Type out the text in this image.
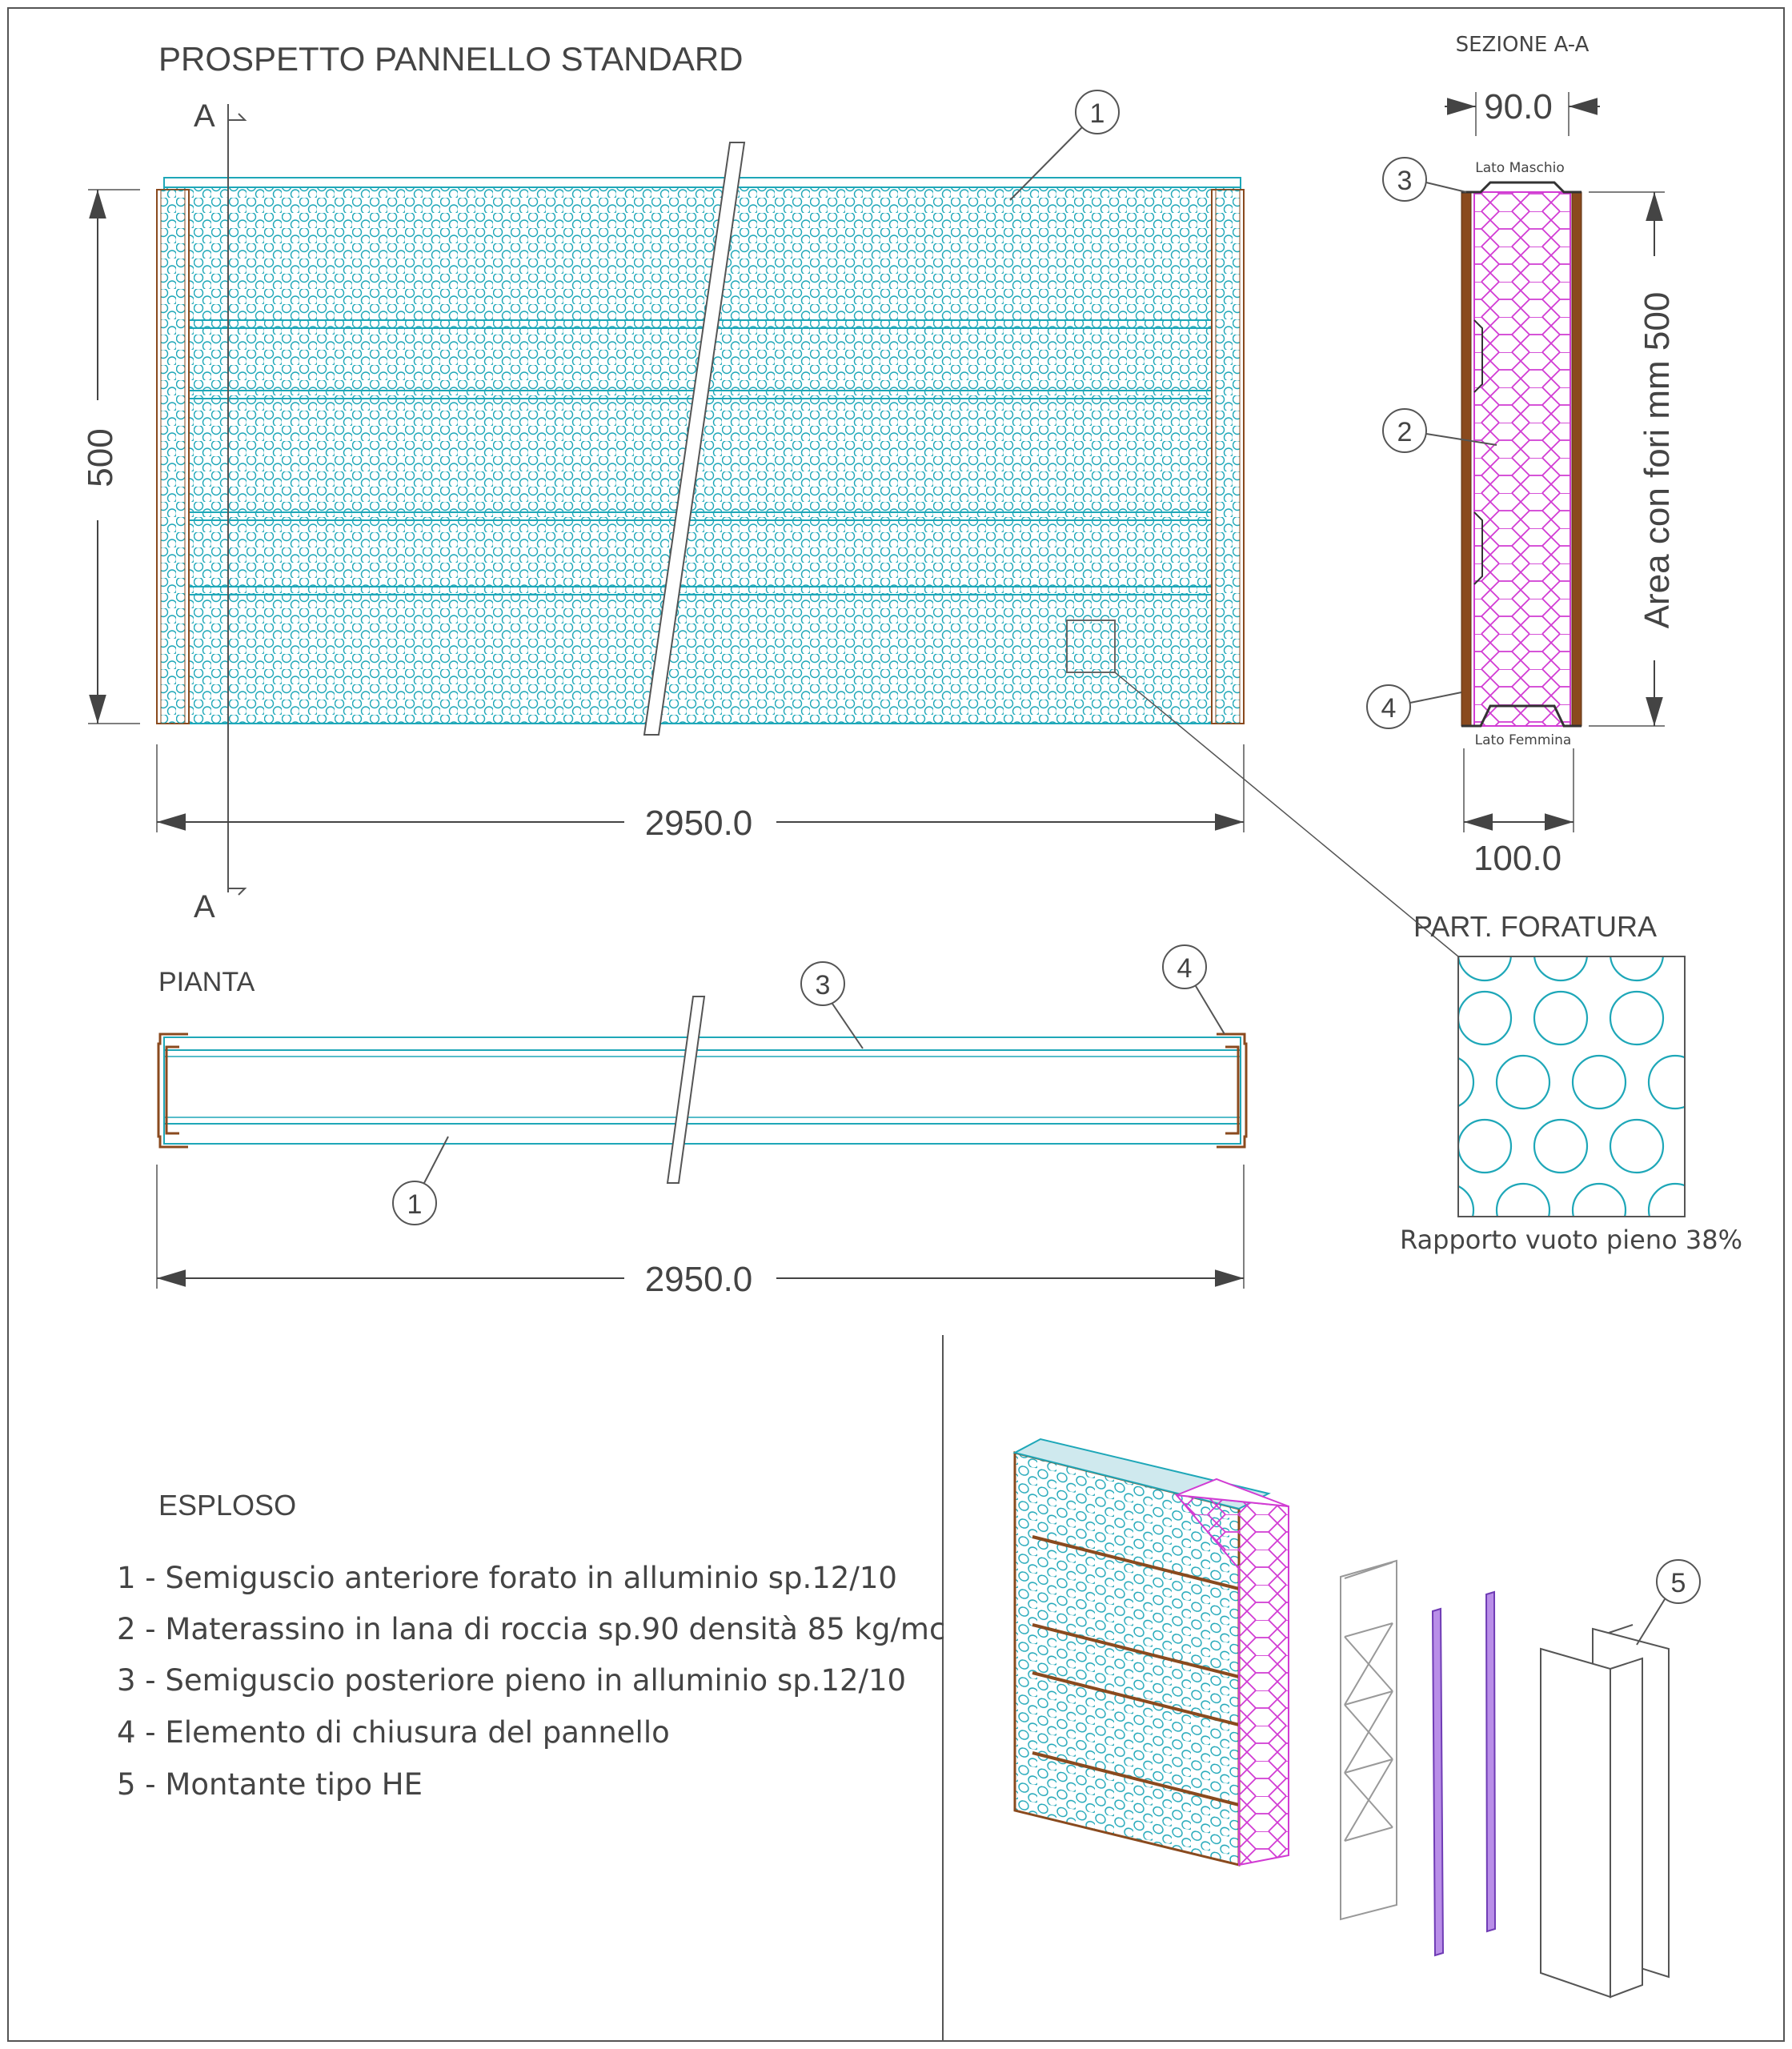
PROSPETTO PANNELLO STANDARD
A
A
1
500
2950.0
SEZIONE A-A
90.0
Lato Maschio
Lato Femmina
Area con fori mm 500
100.0
3
2
4
PART. FORATURA
Rapporto vuoto pieno 38%
PIANTA	3
4
1
2950.0
ESPLOSO
1 - Semiguscio anteriore forato in alluminio sp.12/10
2 - Materassino in lana di roccia sp.90 densità 85 kg/mc
3 - Semiguscio posteriore pieno in alluminio sp.12/10
4 - Elemento di chiusura del pannello
5 - Montante tipo HE
5
